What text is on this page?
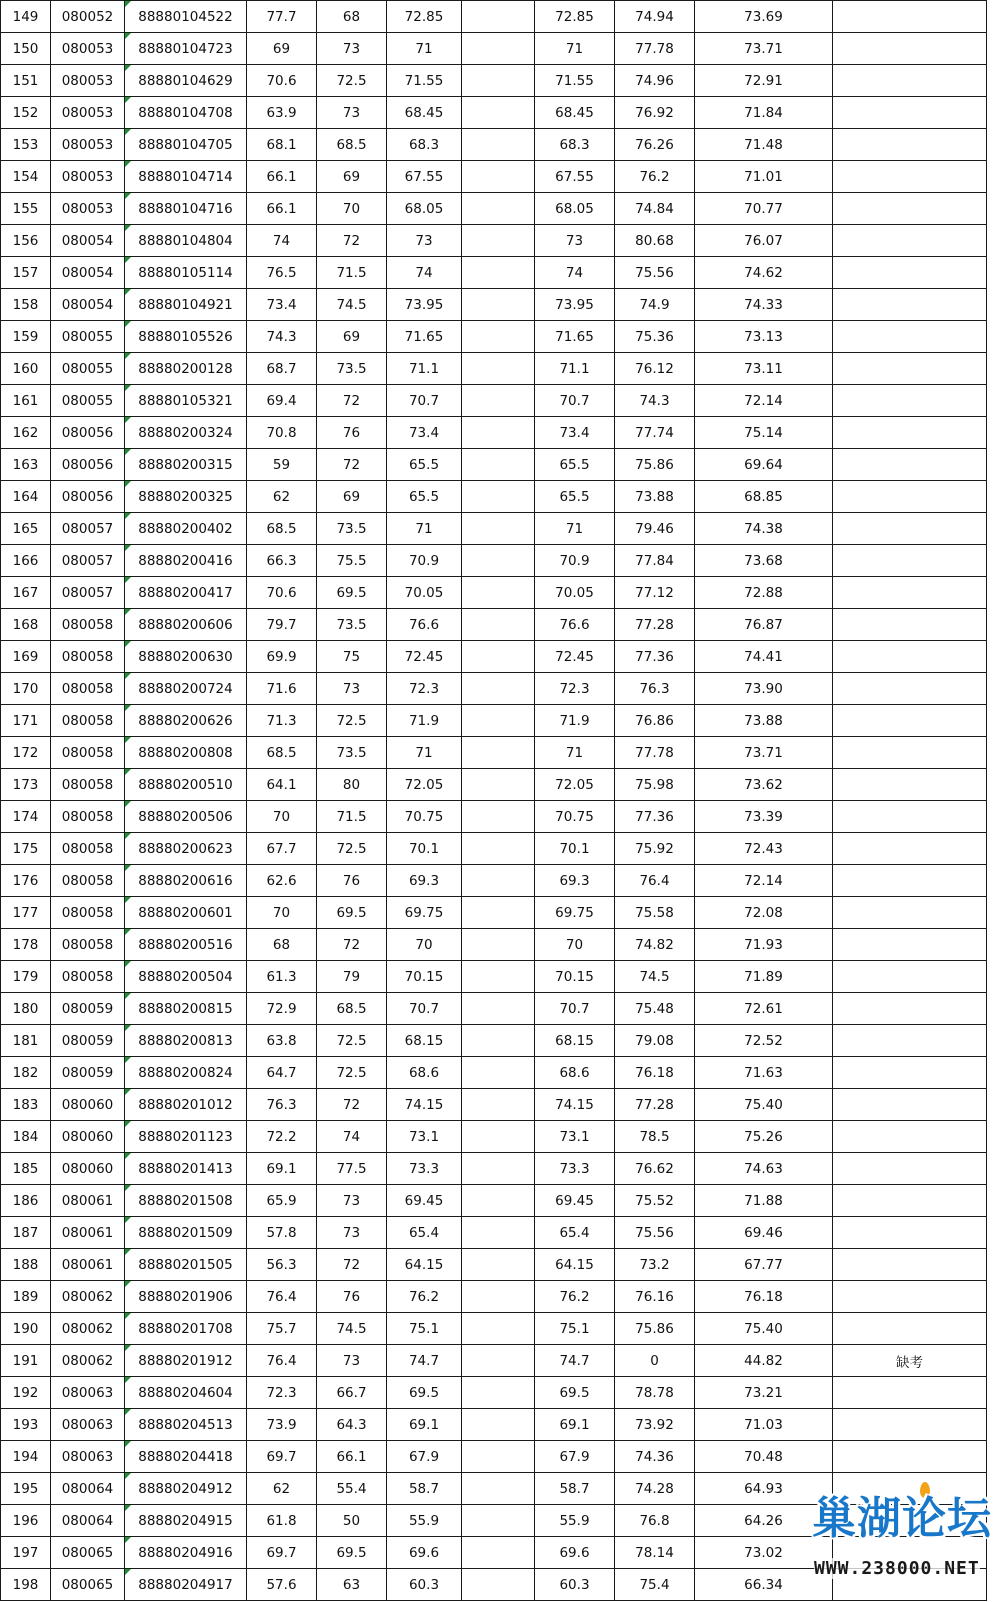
149	080052	88880104522	77.7	68	72.85		72.85	74.94	73.69	
150	080053	88880104723	69	73	71		71	77.78	73.71	
151	080053	88880104629	70.6	72.5	71.55		71.55	74.96	72.91	
152	080053	88880104708	63.9	73	68.45		68.45	76.92	71.84	
153	080053	88880104705	68.1	68.5	68.3		68.3	76.26	71.48	
154	080053	88880104714	66.1	69	67.55		67.55	76.2	71.01	
155	080053	88880104716	66.1	70	68.05		68.05	74.84	70.77	
156	080054	88880104804	74	72	73		73	80.68	76.07	
157	080054	88880105114	76.5	71.5	74		74	75.56	74.62	
158	080054	88880104921	73.4	74.5	73.95		73.95	74.9	74.33	
159	080055	88880105526	74.3	69	71.65		71.65	75.36	73.13	
160	080055	88880200128	68.7	73.5	71.1		71.1	76.12	73.11	
161	080055	88880105321	69.4	72	70.7		70.7	74.3	72.14	
162	080056	88880200324	70.8	76	73.4		73.4	77.74	75.14	
163	080056	88880200315	59	72	65.5		65.5	75.86	69.64	
164	080056	88880200325	62	69	65.5		65.5	73.88	68.85	
165	080057	88880200402	68.5	73.5	71		71	79.46	74.38	
166	080057	88880200416	66.3	75.5	70.9		70.9	77.84	73.68	
167	080057	88880200417	70.6	69.5	70.05		70.05	77.12	72.88	
168	080058	88880200606	79.7	73.5	76.6		76.6	77.28	76.87	
169	080058	88880200630	69.9	75	72.45		72.45	77.36	74.41	
170	080058	88880200724	71.6	73	72.3		72.3	76.3	73.90	
171	080058	88880200626	71.3	72.5	71.9		71.9	76.86	73.88	
172	080058	88880200808	68.5	73.5	71		71	77.78	73.71	
173	080058	88880200510	64.1	80	72.05		72.05	75.98	73.62	
174	080058	88880200506	70	71.5	70.75		70.75	77.36	73.39	
175	080058	88880200623	67.7	72.5	70.1		70.1	75.92	72.43	
176	080058	88880200616	62.6	76	69.3		69.3	76.4	72.14	
177	080058	88880200601	70	69.5	69.75		69.75	75.58	72.08	
178	080058	88880200516	68	72	70		70	74.82	71.93	
179	080058	88880200504	61.3	79	70.15		70.15	74.5	71.89	
180	080059	88880200815	72.9	68.5	70.7		70.7	75.48	72.61	
181	080059	88880200813	63.8	72.5	68.15		68.15	79.08	72.52	
182	080059	88880200824	64.7	72.5	68.6		68.6	76.18	71.63	
183	080060	88880201012	76.3	72	74.15		74.15	77.28	75.40	
184	080060	88880201123	72.2	74	73.1		73.1	78.5	75.26	
185	080060	88880201413	69.1	77.5	73.3		73.3	76.62	74.63	
186	080061	88880201508	65.9	73	69.45		69.45	75.52	71.88	
187	080061	88880201509	57.8	73	65.4		65.4	75.56	69.46	
188	080061	88880201505	56.3	72	64.15		64.15	73.2	67.77	
189	080062	88880201906	76.4	76	76.2		76.2	76.16	76.18	
190	080062	88880201708	75.7	74.5	75.1		75.1	75.86	75.40	
191	080062	88880201912	76.4	73	74.7		74.7	0	44.82	缺考
192	080063	88880204604	72.3	66.7	69.5		69.5	78.78	73.21	
193	080063	88880204513	73.9	64.3	69.1		69.1	73.92	71.03	
194	080063	88880204418	69.7	66.1	67.9		67.9	74.36	70.48	
195	080064	88880204912	62	55.4	58.7		58.7	74.28	64.93	
196	080064	88880204915	61.8	50	55.9		55.9	76.8	64.26	
197	080065	88880204916	69.7	69.5	69.6		69.6	78.14	73.02	
198	080065	88880204917	57.6	63	60.3		60.3	75.4	66.34	
巢湖论坛
WWW.238000.NET
